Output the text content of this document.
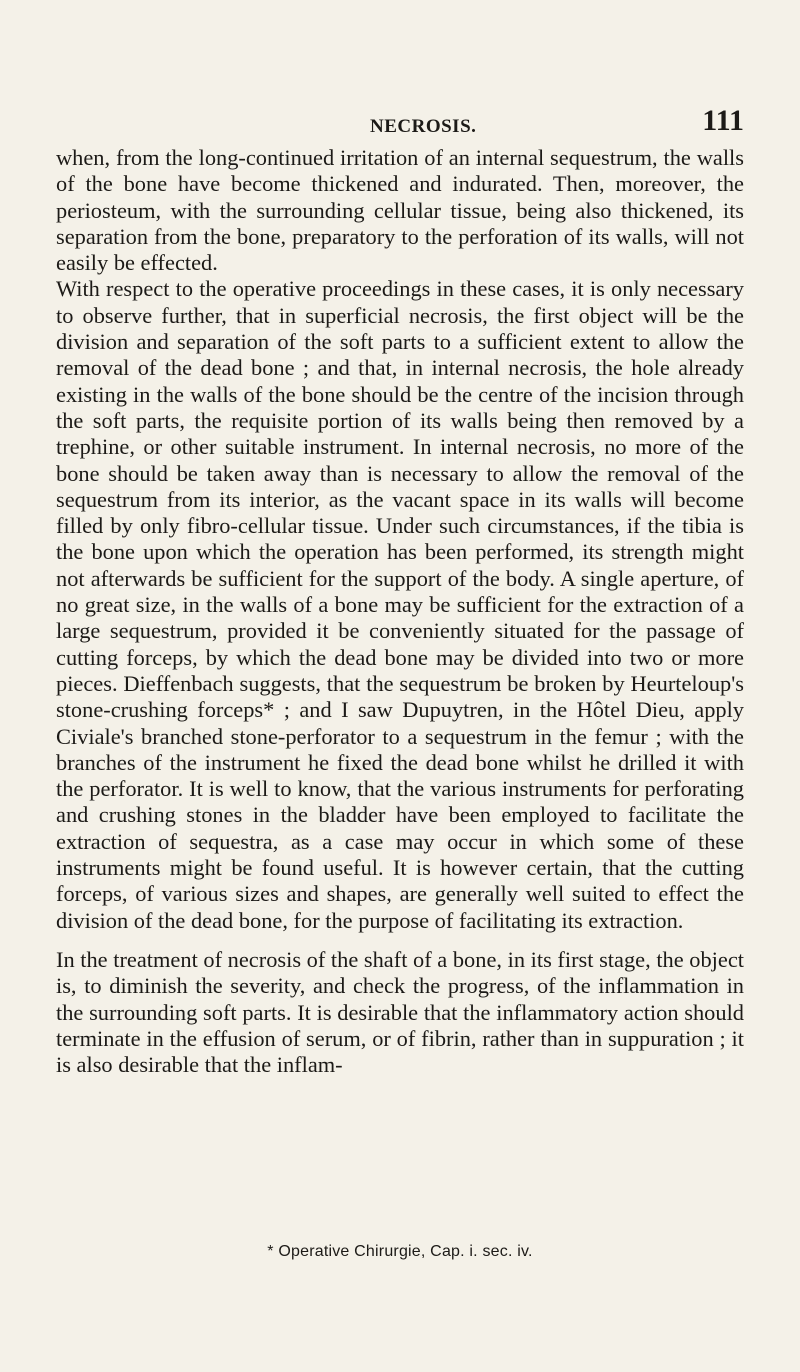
NECROSIS.	111

when, from the long-continued irritation of an internal sequestrum, the walls of the bone have become thickened and indurated. Then, moreover, the periosteum, with the surrounding cellular tissue, being also thickened, its separation from the bone, preparatory to the perforation of its walls, will not easily be effected.

With respect to the operative proceedings in these cases, it is only necessary to observe further, that in superficial necrosis, the first object will be the division and separation of the soft parts to a sufficient extent to allow the removal of the dead bone ; and that, in internal necrosis, the hole already existing in the walls of the bone should be the centre of the incision through the soft parts, the requisite portion of its walls being then removed by a trephine, or other suitable instrument. In internal necrosis, no more of the bone should be taken away than is necessary to allow the removal of the sequestrum from its interior, as the vacant space in its walls will become filled by only fibro-cellular tissue. Under such circumstances, if the tibia is the bone upon which the operation has been performed, its strength might not afterwards be sufficient for the support of the body. A single aperture, of no great size, in the walls of a bone may be sufficient for the extraction of a large sequestrum, provided it be conveniently situated for the passage of cutting forceps, by which the dead bone may be divided into two or more pieces. Dieffenbach suggests, that the sequestrum be broken by Heurteloup's stone-crushing forceps* ; and I saw Dupuytren, in the Hôtel Dieu, apply Civiale's branched stone-perforator to a sequestrum in the femur ; with the branches of the instrument he fixed the dead bone whilst he drilled it with the perforator. It is well to know, that the various instruments for perforating and crushing stones in the bladder have been employed to facilitate the extraction of sequestra, as a case may occur in which some of these instruments might be found useful. It is however certain, that the cutting forceps, of various sizes and shapes, are generally well suited to effect the division of the dead bone, for the purpose of facilitating its extraction.

In the treatment of necrosis of the shaft of a bone, in its first stage, the object is, to diminish the severity, and check the progress, of the inflammation in the surrounding soft parts. It is desirable that the inflammatory action should terminate in the effusion of serum, or of fibrin, rather than in suppuration ; it is also desirable that the inflam-

* Operative Chirurgie, Cap. i. sec. iv.
